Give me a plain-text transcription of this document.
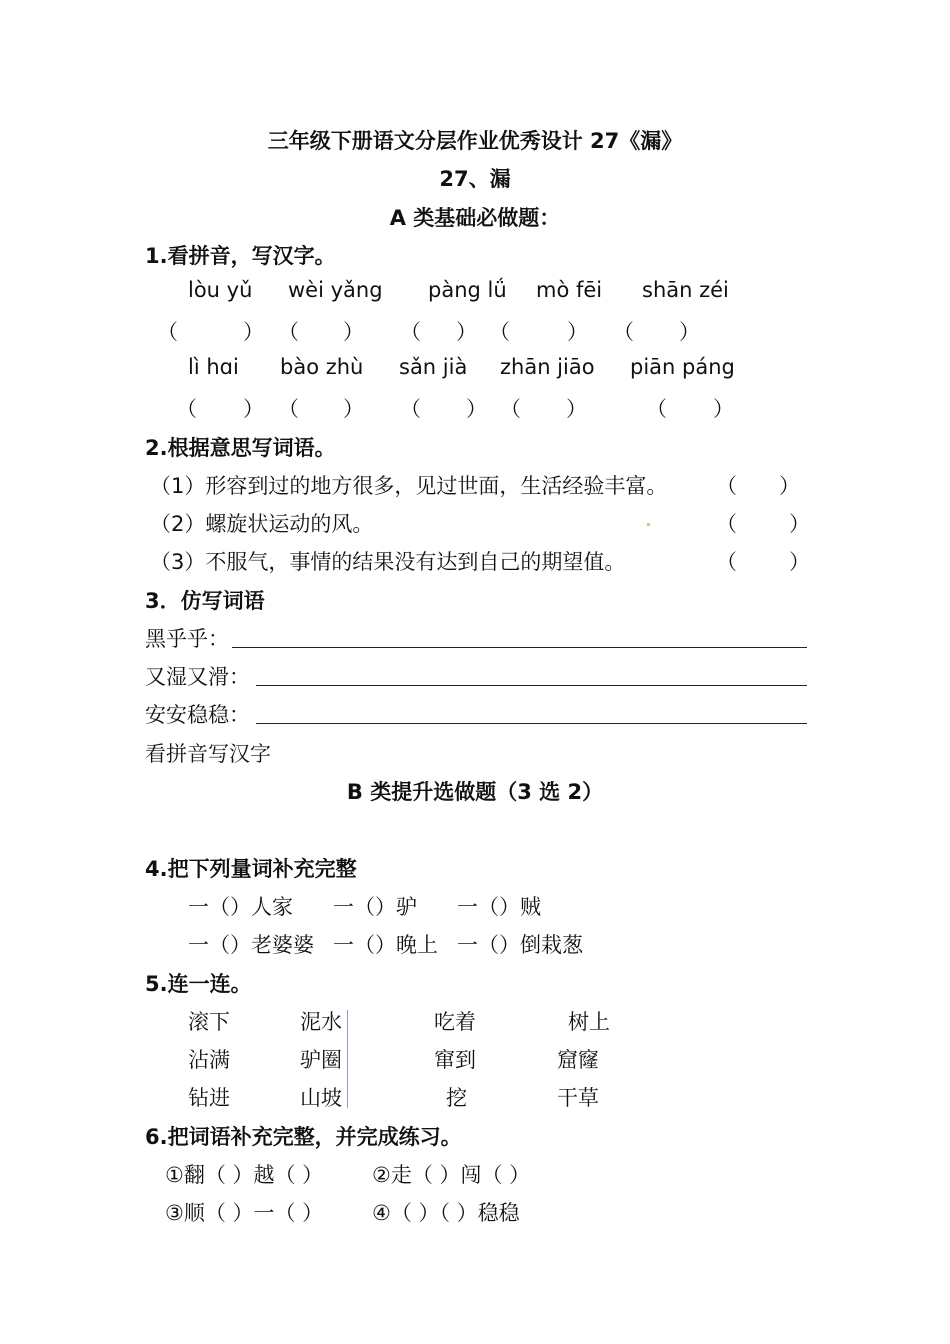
三年级下册语文分层作业优秀设计 27《漏》
27、漏
A 类基础必做题：
1.看拼音，写汉字。
lòu yǔ wèi yǎng pàng lǘ mò fēi shān zéi
（	） （ ） （ ） （	） （ ）
lì hɑi bào zhù sǎn jià zhān jiāo piān páng
（ ） （ ） （ ） （ ）	（ ）
2.根据意思写词语。
（1）形容到过的地方很多，见过世面，生活经验丰富。 （ ）
（2）螺旋状运动的风。	（ ）
（3）不服气，事情的结果没有达到自己的期望值。	（ ）
3．仿写词语
黑乎乎：
又湿又滑：
安安稳稳：
看拼音写汉字
B 类提升选做题（3 选 2）
4.把下列量词补充完整
一（）人家 一（）驴 一（）贼
一（）老婆婆 一（）晚上 一（）倒栽葱
5.连一连。
滚下	泥水	吃着	树上
沾满	驴圈	窜到	窟窿
钻进	山坡	挖	干草
6.把词语补充完整，并完成练习。
①翻（ ）越（ ） ②走（ ）闯（ ）
③顺（ ）一（ ） ④（ ）（ ）稳稳
